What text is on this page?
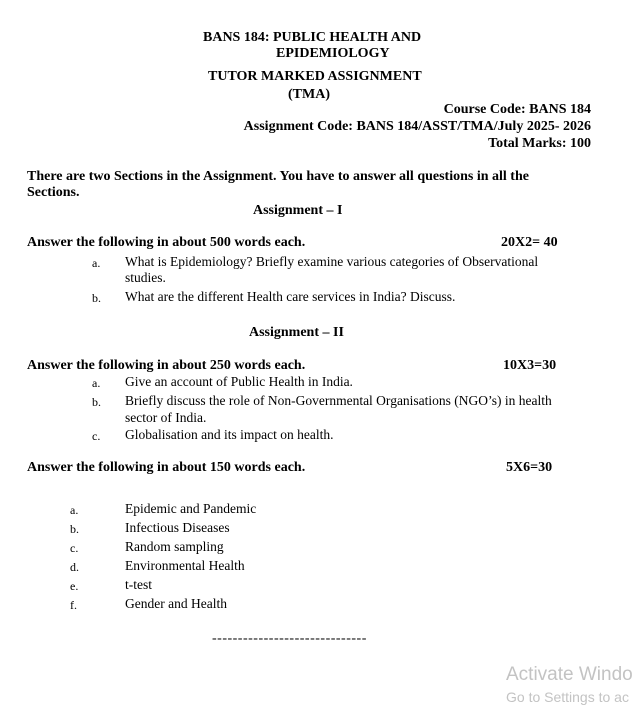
BANS 184: PUBLIC HEALTH AND
EPIDEMIOLOGY
TUTOR MARKED ASSIGNMENT
(TMA)
Course Code: BANS 184
Assignment Code: BANS 184/ASST/TMA/July 2025- 2026
Total Marks: 100
There are two Sections in the Assignment. You have to answer all questions in all the
Sections.
Assignment – I
Answer the following in about 500 words each.	20X2= 40
a. What is Epidemiology? Briefly examine various categories of Observational
studies.
b. What are the different Health care services in India? Discuss.
Assignment – II
Answer the following in about 250 words each.	10X3=30
a. Give an account of Public Health in India.
b. Briefly discuss the role of Non-Governmental Organisations (NGO’s) in health
sector of India.
c. Globalisation and its impact on health.
Answer the following in about 150 words each.	5X6=30
a.	Epidemic and Pandemic
b.	Infectious Diseases
c.	Random sampling
d.	Environmental Health
e.	t-test
f.	Gender and Health
------------------------------
Activate Windo
Go to Settings to ac
